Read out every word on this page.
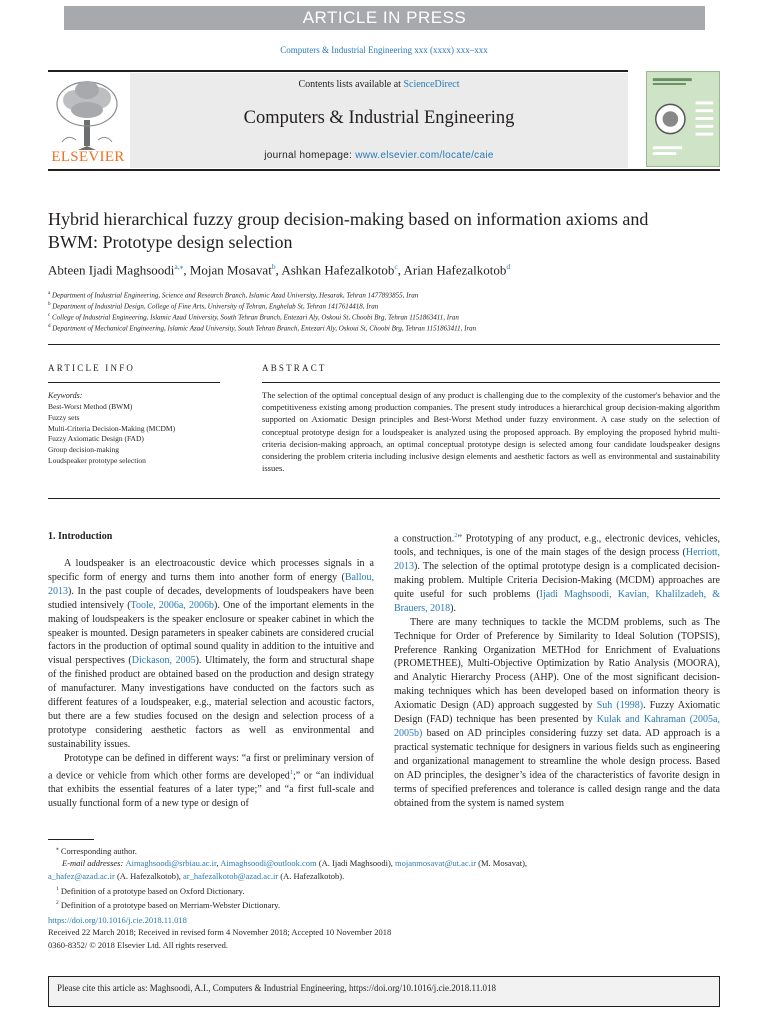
ARTICLE IN PRESS
Computers & Industrial Engineering xxx (xxxx) xxx–xxx
ELSEVIER
Contents lists available at ScienceDirect
Computers & Industrial Engineering
journal homepage: www.elsevier.com/locate/caie
Hybrid hierarchical fuzzy group decision-making based on information axioms and BWM: Prototype design selection
Abteen Ijadi Maghsoodi$^{a,⁎}$, Mojan Mosavat$^b$, Ashkan Hafezalkotob$^c$, Arian Hafezalkotob$^d$
$^a$ Department of Industrial Engineering, Science and Research Branch, Islamic Azad University, Hesarak, Tehran 1477893855, Iran
$^b$ Department of Industrial Design, College of Fine Arts, University of Tehran, Enghelab St, Tehran 1417614418, Iran
$^c$ College of Industrial Engineering, Islamic Azad University, South Tehran Branch, Entezari Aly, Oskoui St, Choobi Brg, Tehran 1151863411, Iran
$^d$ Department of Mechanical Engineering, Islamic Azad University, South Tehran Branch, Entezari Aly, Oskoui St, Choobi Brg, Tehran 1151863411, Iran
ARTICLE INFO
Keywords:
Best-Worst Method (BWM)
Fuzzy sets
Multi-Criteria Decision-Making (MCDM)
Fuzzy Axiomatic Design (FAD)
Group decision-making
Loudspeaker prototype selection
ABSTRACT
The selection of the optimal conceptual design of any product is challenging due to the complexity of the customer's behavior and the competitiveness existing among production companies. The present study introduces a hierarchical group decision-making algorithm supported on Axiomatic Design principles and Best-Worst Method under fuzzy environment. A case study on the selection of conceptual prototype design for a loudspeaker is analyzed using the proposed approach. By employing the proposed hybrid multi-criteria decision-making approach, an optimal conceptual prototype design is selected among four candidate loudspeaker designs considering the problem criteria including inclusive design elements and aesthetic factors as well as environmental and sustainability issues.
1. Introduction

A loudspeaker is an electroacoustic device which processes signals in a specific form of energy and turns them into another form of energy (Ballou, 2013). In the past couple of decades, developments of loudspeakers have been studied intensively (Toole, 2006a, 2006b). One of the important elements in the making of loudspeakers is the speaker enclosure or speaker cabinet in which the speaker is mounted. Design parameters in speaker cabinets are considered crucial factors in the production of optimal sound quality in addition to the intuitive and visual perspectives (Dickason, 2005). Ultimately, the form and structural shape of the finished product are obtained based on the production and design strategy of manufacturer. Many investigations have conducted on the factors such as different features of a loudspeaker, e.g., material selection and acoustic factors, but there are a few studies focused on the design and selection process of a prototype considering aesthetic factors as well as environmental and sustainability issues.

Prototype can be defined in different ways: “a first or preliminary version of a device or vehicle from which other forms are developed$^1$;” or “an individual that exhibits the essential features of a later type;” and “a first full-scale and usually functional form of a new type or design of

a construction.$^2$” Prototyping of any product, e.g., electronic devices, vehicles, tools, and techniques, is one of the main stages of the design process (Herriott, 2013). The selection of the optimal prototype design is a complicated decision-making problem. Multiple Criteria Decision-Making (MCDM) approaches are quite useful for such problems (Ijadi Maghsoodi, Kavian, Khalilzadeh, & Brauers, 2018).

There are many techniques to tackle the MCDM problems, such as The Technique for Order of Preference by Similarity to Ideal Solution (TOPSIS), Preference Ranking Organization METHod for Enrichment of Evaluations (PROMETHEE), Multi-Objective Optimization by Ratio Analysis (MOORA), and Analytic Hierarchy Process (AHP). One of the most significant decision-making techniques which has been developed based on information theory is Axiomatic Design (AD) approach suggested by Suh (1998). Fuzzy Axiomatic Design (FAD) technique has been presented by Kulak and Kahraman (2005a, 2005b) based on AD principles considering fuzzy set data. AD approach is a practical systematic technique for designers in various fields such as engineering and organizational management to streamline the whole design process. Based on AD principles, the designer’s idea of the characteristics of favorite design in terms of specified preferences and tolerance is called design range and the data obtained from the system is named system

⁎ Corresponding author.
E-mail addresses: Aimaghsoodi@srbiau.ac.ir, Aimaghsoodi@outlook.com (A. Ijadi Maghsoodi), mojanmosavat@ut.ac.ir (M. Mosavat),
a_hafez@azad.ac.ir (A. Hafezalkotob), ar_hafezalkotob@azad.ac.ir (A. Hafezalkotob).
$^1$ Definition of a prototype based on Oxford Dictionary.
$^2$ Definition of a prototype based on Merriam-Webster Dictionary.
https://doi.org/10.1016/j.cie.2018.11.018
Received 22 March 2018; Received in revised form 4 November 2018; Accepted 10 November 2018
0360-8352/ © 2018 Elsevier Ltd. All rights reserved.
Please cite this article as: Maghsoodi, A.I., Computers & Industrial Engineering, https://doi.org/10.1016/j.cie.2018.11.018
